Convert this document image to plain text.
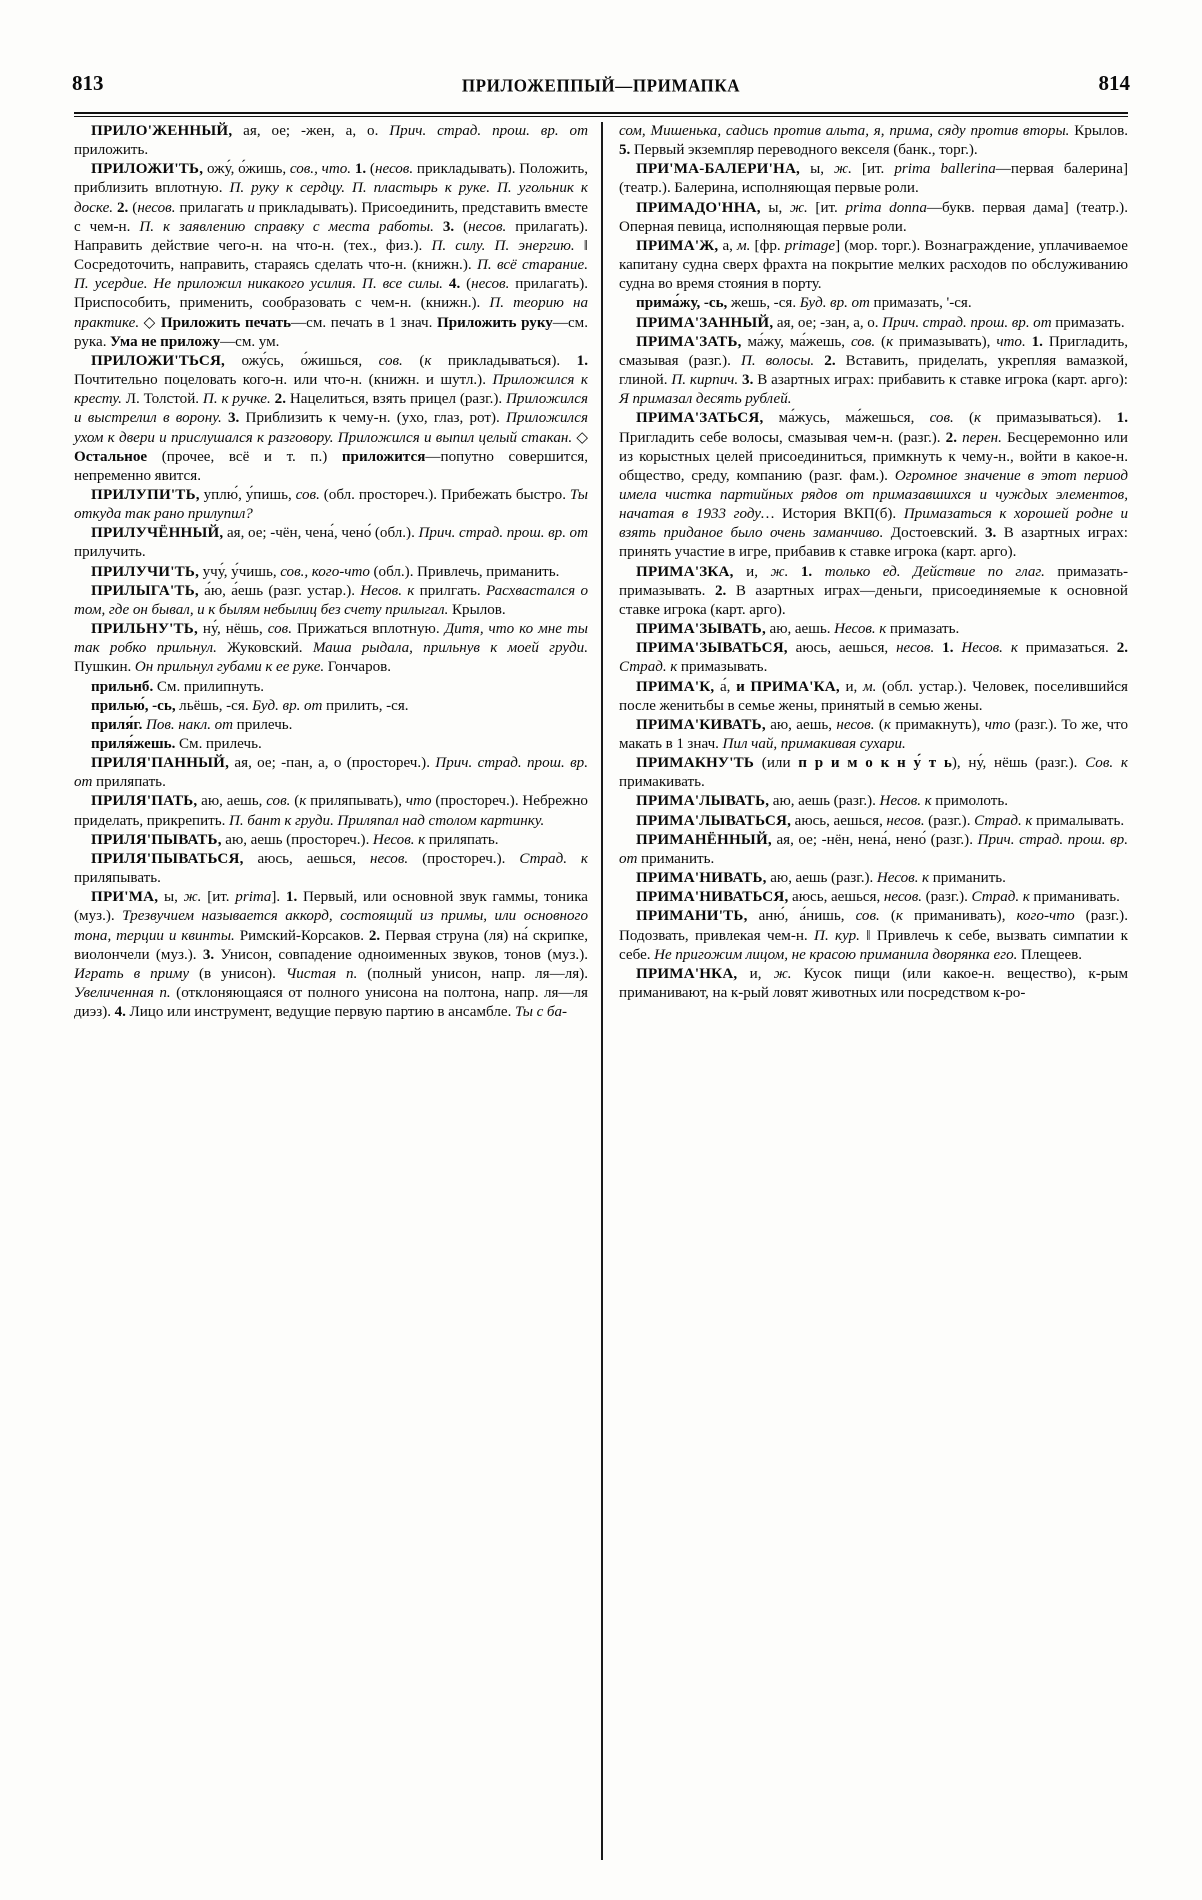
813	ПРИЛОЖЕППЫЙ—ПРИМАПКА	814

ПРИЛО'ЖЕННЫЙ, ая, ое; -жен, а, о. Прич. страд. прош. вр. от приложить.

ПРИЛОЖИ'ТЬ, ожу́, о́жишь, сов., что. 1. (несов. прикладывать). Положить, приблизить вплотную. П. руку к сердцу. П. пластырь к руке. П. угольник к доске. 2. (несов. прилагать и прикладывать). Присоединить, представить вместе с чем-н. П. к заявлению справку с места работы. 3. (несов. прилагать). Направить действие чего-н. на что-н. (тех., физ.). П. силу. П. энергию. ‖ Сосредоточить, направить, стараясь сделать что-н. (книжн.). П. всё старание. П. усердие. Не приложил никакого усилия. П. все силы. 4. (несов. прилагать). Приспособить, применить, сообразовать с чем-н. (книжн.). П. теорию на практике. ◇ Приложить печать—см. печать в 1 знач. Приложить руку—см. рука. Ума не приложу—см. ум.

ПРИЛОЖИ'ТЬСЯ, ожу́сь, о́жишься, сов. (к прикладываться). 1. Почтительно поцеловать кого-н. или что-н. (книжн. и шутл.). Приложился к кресту. Л. Толстой. П. к ручке. 2. Нацелиться, взять прицел (разг.). Приложился и выстрелил в ворону. 3. Приблизить к чему-н. (ухо, глаз, рот). Приложился ухом к двери и прислушался к разговору. Приложился и выпил целый стакан. ◇ Остальное (прочее, всё и т. п.) приложится—попутно совершится, непременно явится.

ПРИЛУПИ'ТЬ, уплю́, у́пишь, сов. (обл. простореч.). Прибежать быстро. Ты откуда так рано прилупил?

ПРИЛУЧЁННЫЙ, ая, ое; -чён, чена́, чено́ (обл.). Прич. страд. прош. вр. от прилучить.

ПРИЛУЧИ'ТЬ, учу́, у́чишь, сов., кого-что (обл.). Привлечь, приманить.

ПРИЛЫГА'ТЬ, а́ю, а́ешь (разг. устар.). Несов. к прилгать. Расхвастался о том, где он бывал, и к былям небылиц без счету прилыгал. Крылов.

ПРИЛЬНУ'ТЬ, ну́, нёшь, сов. Прижаться вплотную. Дитя, что ко мне ты так робко прильнул. Жуковский. Маша рыдала, прильнув к моей груди. Пушкин. Он прильнул губами к ее руке. Гончаров.

прильнб. См. прилипнуть.

прилью́, -сь, льёшь, -ся. Буд. вр. от прилить, -ся.

приля́г. Пов. накл. от прилечь.

приля́жешь. См. прилечь.

ПРИЛЯ'ПАННЫЙ, ая, ое; -пан, а, о (простореч.). Прич. страд. прош. вр. от приляпать.

ПРИЛЯ'ПАТЬ, аю, аешь, сов. (к приляпывать), что (простореч.). Небрежно приделать, прикрепить. П. бант к груди. Приляпал над столом картинку.

ПРИЛЯ'ПЫВАТЬ, аю, аешь (простореч.). Несов. к приляпать.

ПРИЛЯ'ПЫВАТЬСЯ, аюсь, аешься, несов. (простореч.). Страд. к приляпывать.

ПРИ'МА, ы, ж. [ит. prima]. 1. Первый, или основной звук гаммы, тоника (муз.). Трезвучием называется аккорд, состоящий из примы, или основного тона, терции и квинты. Римский-Корсаков. 2. Первая струна (ля) на́ скрипке, виолончели (муз.). 3. Унисон, совпадение одноименных звуков, тонов (муз.). Играть в приму (в унисон). Чистая п. (полный унисон, напр. ля—ля). Увеличенная п. (отклоняющаяся от полного унисона на полтона, напр. ля—ля диэз). 4. Лицо или инструмент, ведущие первую партию в ансамбле. Ты с ба-

сом, Мишенька, садись против альта, я, прима, сяду против вторы. Крылов. 5. Первый экземпляр переводного векселя (банк., торг.).

ПРИ'МА-БАЛЕРИ'НА, ы, ж. [ит. prima ballerina—первая балерина] (театр.). Балерина, исполняющая первые роли.

ПРИМАДО'ННА, ы, ж. [ит. prima donna—букв. первая дама] (театр.). Оперная певица, исполняющая первые роли.

ПРИМА'Ж, а, м. [фр. primage] (мор. торг.). Вознаграждение, уплачиваемое капитану судна сверх фрахта на покрытие мелких расходов по обслуживанию судна во время стояния в порту.

прима́жу, -сь, жешь, -ся. Буд. вр. от примазать, '-ся.

ПРИМА'ЗАННЫЙ, ая, ое; -зан, а, о. Прич. страд. прош. вр. от примазать.

ПРИМА'ЗАТЬ, ма́жу, ма́жешь, сов. (к примазывать), что. 1. Пригладить, смазывая (разг.). П. волосы. 2. Вставить, приделать, укрепляя вамазкой, глиной. П. кирпич. 3. В азартных играх: прибавить к ставке игрока (карт. арго): Я примазал десять рублей.

ПРИМА'ЗАТЬСЯ, ма́жусь, ма́жешься, сов. (к примазываться). 1. Пригладить себе волосы, смазывая чем-н. (разг.). 2. перен. Бесцеремонно или из корыстных целей присоединиться, примкнуть к чему-н., войти в какое-н. общество, среду, компанию (разг. фам.). Огромное значение в этот период имела чистка партийных рядов от примазавшихся и чуждых элементов, начатая в 1933 году… История ВКП(б). Примазаться к хорошей родне и взять приданое было очень заманчиво. Достоевский. 3. В азартных играх: принять участие в игре, прибавив к ставке игрока (карт. арго).

ПРИМА'ЗКА, и, ж. 1. только ед. Действие по глаг. примазать-примазывать. 2. В азартных играх—деньги, присоединяемые к основной ставке игрока (карт. арго).

ПРИМА'ЗЫВАТЬ, аю, аешь. Несов. к примазать.

ПРИМА'ЗЫВАТЬСЯ, аюсь, аешься, несов. 1. Несов. к примазаться. 2. Страд. к примазывать.

ПРИМА'К, а́, и ПРИМА'КА, и, м. (обл. устар.). Человек, поселившийся после женитьбы в семье жены, принятый в семью жены.

ПРИМА'КИВАТЬ, аю, аешь, несов. (к примакнуть), что (разг.). То же, что макать в 1 знач. Пил чай, примакивая сухари.

ПРИМАКНУ'ТЬ (или п р и м о к н у́ т ь), ну́, нёшь (разг.). Сов. к примакивать.

ПРИМА'ЛЫВАТЬ, аю, аешь (разг.). Несов. к примолоть.

ПРИМА'ЛЫВАТЬСЯ, аюсь, аешься, несов. (разг.). Страд. к прималывать.

ПРИМАНЁННЫЙ, ая, ое; -нён, нена́, нено́ (разг.). Прич. страд. прош. вр. от приманить.

ПРИМА'НИВАТЬ, аю, аешь (разг.). Несов. к приманить.

ПРИМА'НИВАТЬСЯ, аюсь, аешься, несов. (разг.). Страд. к приманивать.

ПРИМАНИ'ТЬ, аню́, а́нишь, сов. (к приманивать), кого-что (разг.). Подозвать, привлекая чем-н. П. кур. ‖ Привлечь к себе, вызвать симпатии к себе. Не пригожим лицом, не красою приманила дворянка его. Плещеев.

ПРИМА'НКА, и, ж. Кусок пищи (или какое-н. вещество), к-рым приманивают, на к-рый ловят животных или посредством к-ро-
